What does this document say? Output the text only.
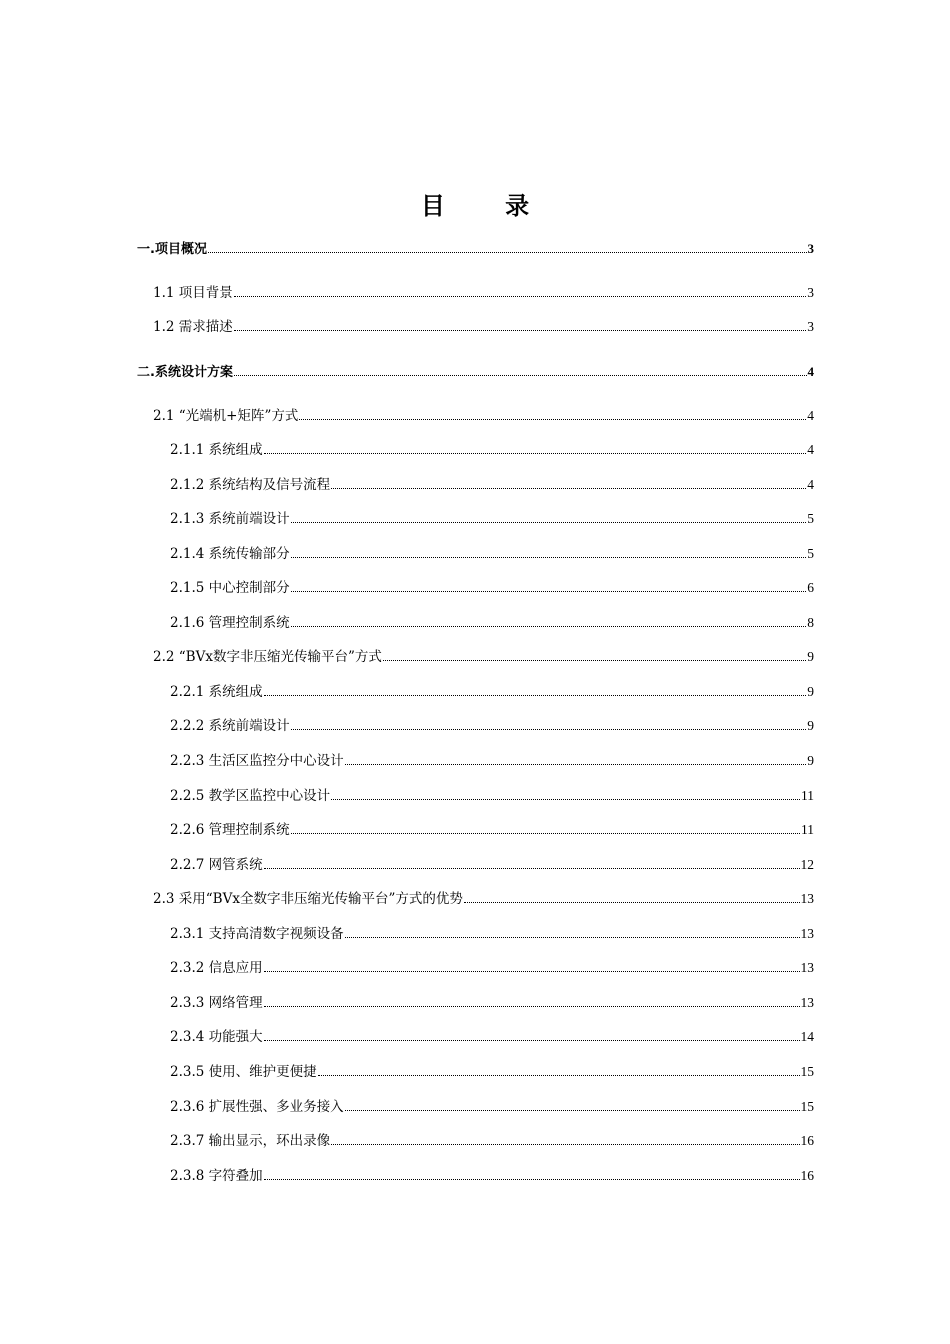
目 录
一.项目概况	3
1.1 项目背景	3
1.2 需求描述	3
二.系统设计方案	4
2.1 “光端机+矩阵”方式	4
2.1.1 系统组成	4
2.1.2 系统结构及信号流程	4
2.1.3 系统前端设计	5
2.1.4 系统传输部分	5
2.1.5 中心控制部分	6
2.1.6 管理控制系统	8
2.2 “BVx数字非压缩光传输平台”方式	9
2.2.1 系统组成	9
2.2.2 系统前端设计	9
2.2.3 生活区监控分中心设计	9
2.2.5 教学区监控中心设计	11
2.2.6 管理控制系统	11
2.2.7 网管系统	12
2.3 采用“BVx全数字非压缩光传输平台”方式的优势	13
2.3.1 支持高清数字视频设备	13
2.3.2 信息应用	13
2.3.3 网络管理	13
2.3.4 功能强大	14
2.3.5 使用、维护更便捷	15
2.3.6 扩展性强、多业务接入	15
2.3.7 输出显示，环出录像	16
2.3.8 字符叠加	16
